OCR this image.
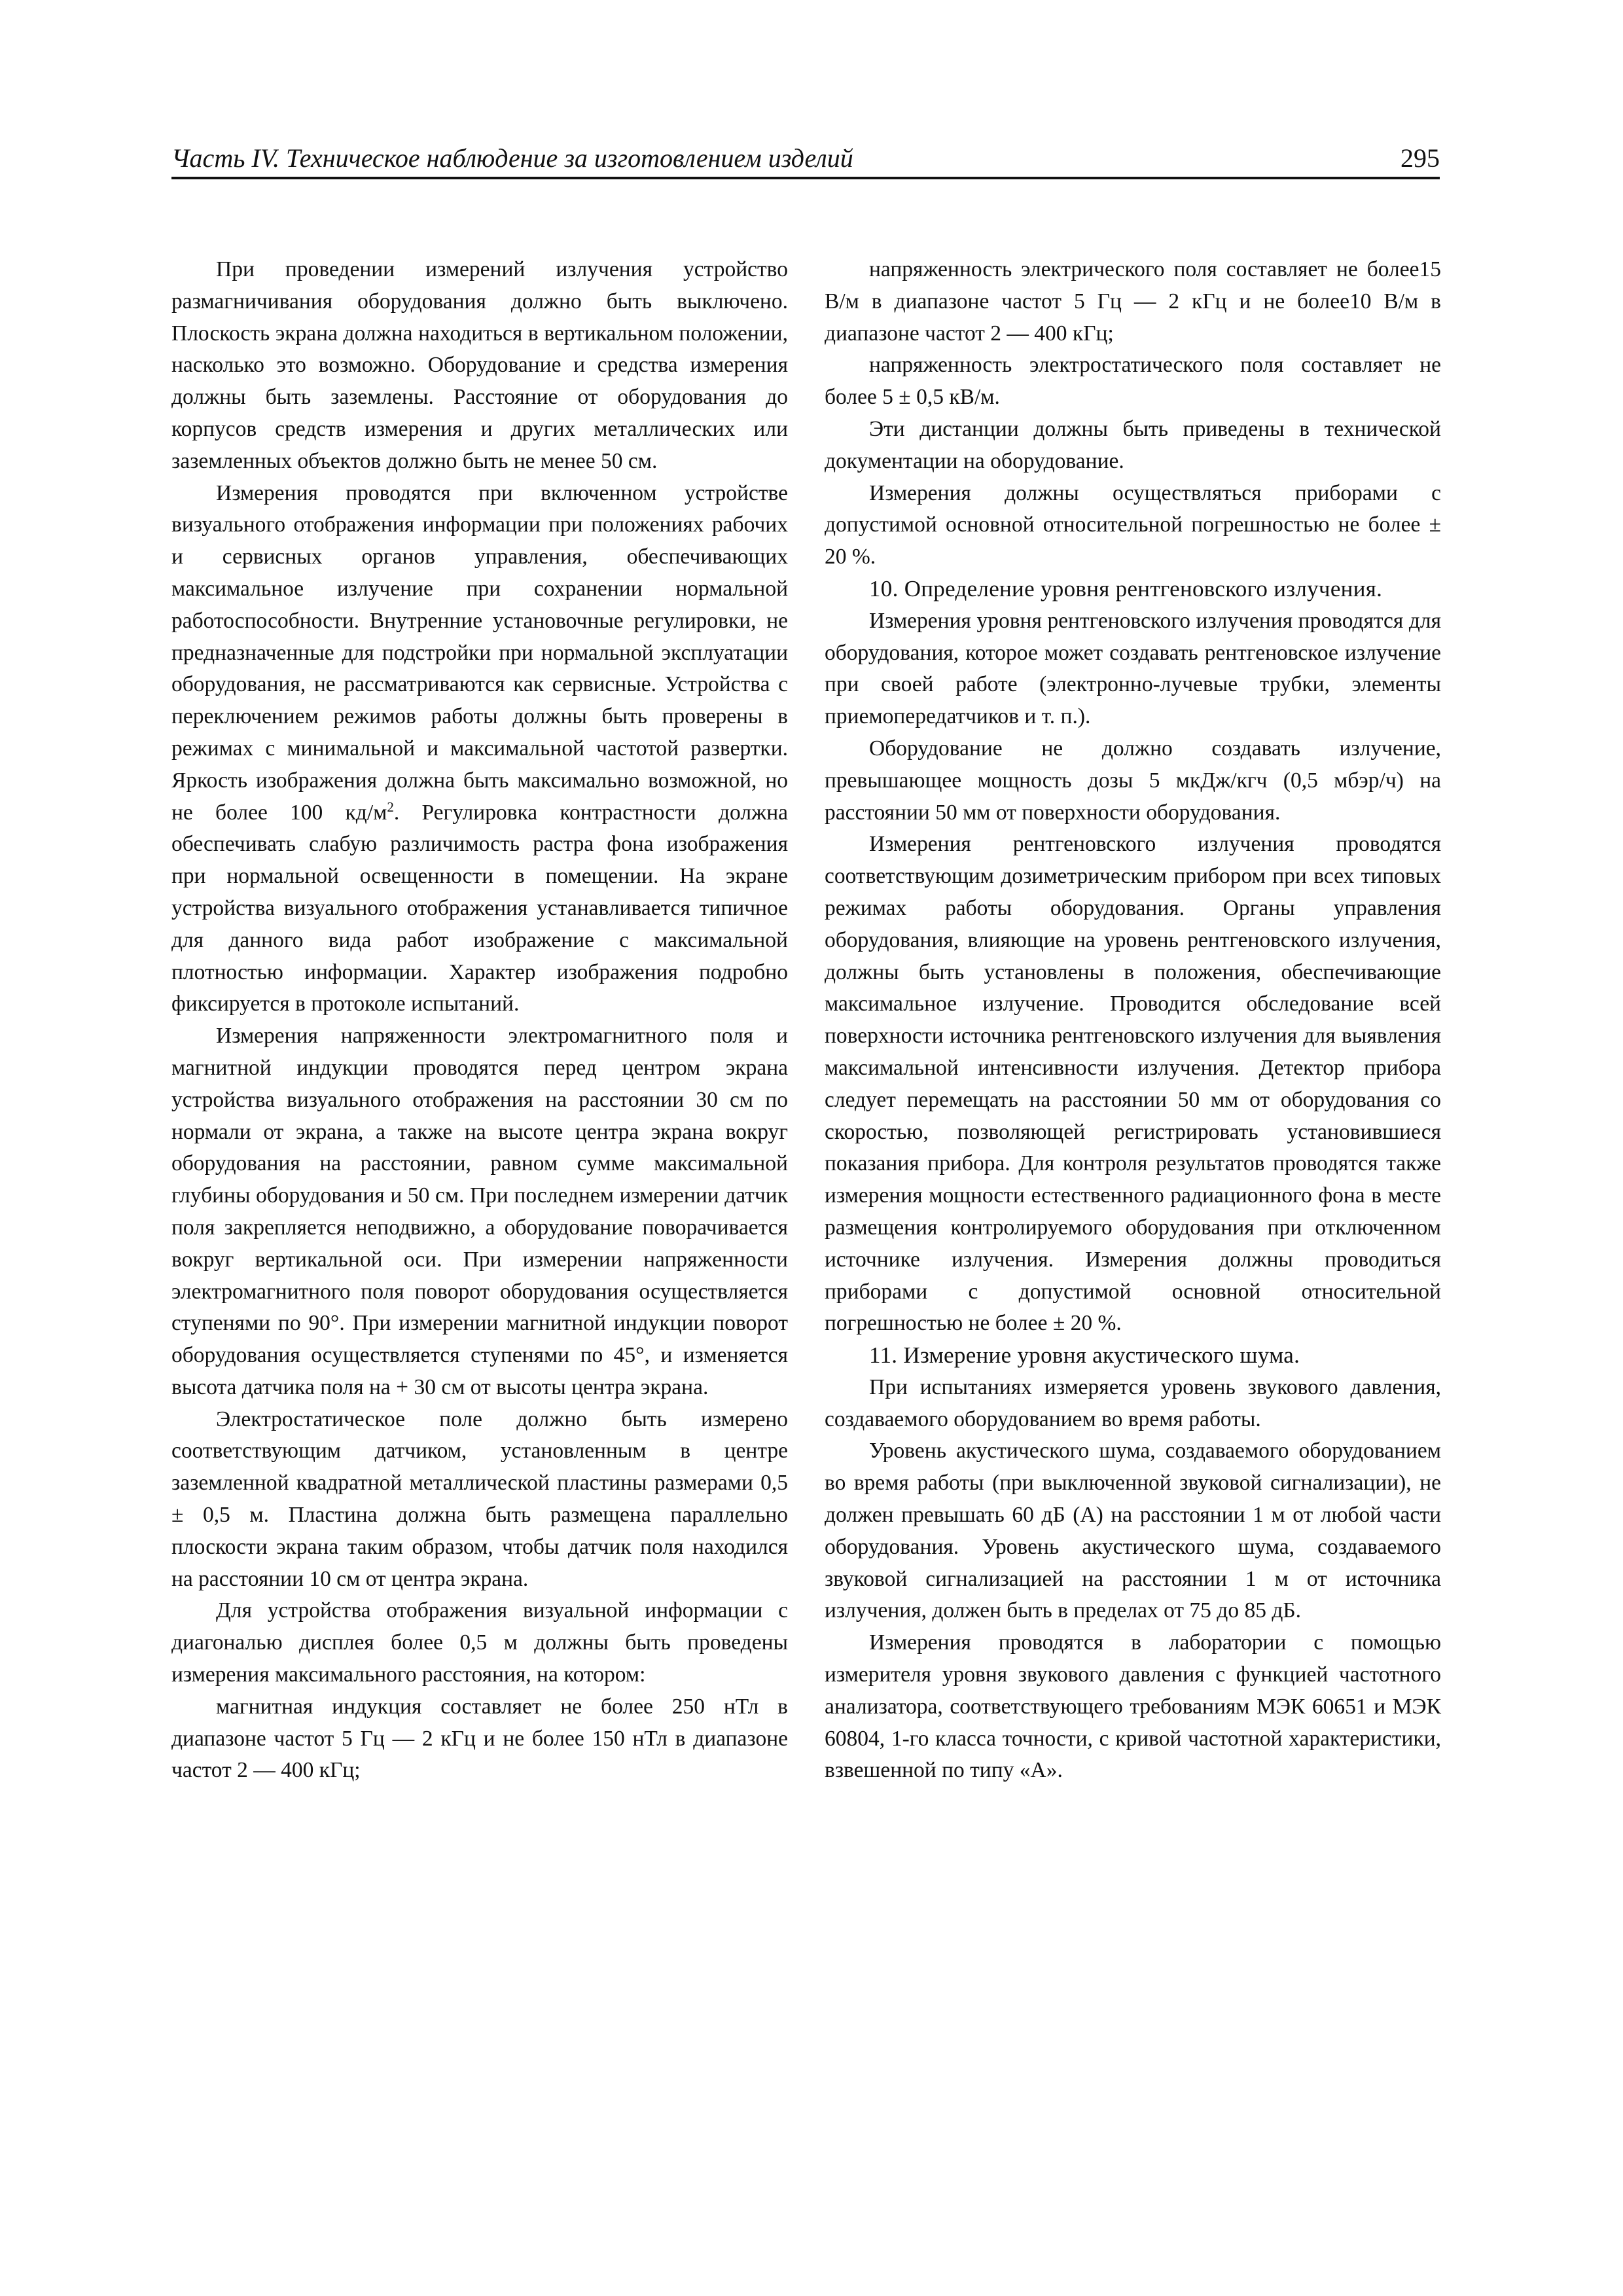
Часть IV. Техническое наблюдение за изготовлением изделий	295

При проведении измерений излучения устройство размагничивания оборудования должно быть выключено. Плоскость экрана должна находиться в вертикальном положении, насколько это возможно. Оборудование и средства измерения должны быть заземлены. Расстояние от оборудования до корпусов средств измерения и других металлических или заземленных объектов должно быть не менее 50 см.

Измерения проводятся при включенном устройстве визуального отображения информации при положениях рабочих и сервисных органов управления, обеспечивающих максимальное излучение при сохранении нормальной работоспособности. Внутренние установочные регулировки, не предназначенные для подстройки при нормальной эксплуатации оборудования, не рассматриваются как сервисные. Устройства с переключением режимов работы должны быть проверены в режимах с минимальной и максимальной частотой развертки. Яркость изображения должна быть максимально возможной, но не более 100 $кд/м^2$. Регулировка контрастности должна обеспечивать слабую различимость растра фона изображения при нормальной освещенности в помещении. На экране устройства визуального отображения устанавливается типичное для данного вида работ изображение с максимальной плотностью информации. Характер изображения подробно фиксируется в протоколе испытаний.

Измерения напряженности электромагнитного поля и магнитной индукции проводятся перед центром экрана устройства визуального отображения на расстоянии 30 см по нормали от экрана, а также на высоте центра экрана вокруг оборудования на расстоянии, равном сумме максимальной глубины оборудования и 50 см. При последнем измерении датчик поля закрепляется неподвижно, а оборудование поворачивается вокруг вертикальной оси. При измерении напряженности электромагнитного поля поворот оборудования осуществляется ступенями по 90°. При измерении магнитной индукции поворот оборудования осуществляется ступенями по 45°, и изменяется высота датчика поля на + 30 см от высоты центра экрана.

Электростатическое поле должно быть измерено соответствующим датчиком, установленным в центре заземленной квадратной металлической пластины размерами 0,5 ± 0,5 м. Пластина должна быть размещена параллельно плоскости экрана таким образом, чтобы датчик поля находился на расстоянии 10 см от центра экрана.

Для устройства отображения визуальной информации с диагональю дисплея более 0,5 м должны быть проведены измерения максимального расстояния, на котором:

магнитная индукция составляет не более 250 нТл в диапазоне частот 5 Гц — 2 кГц и не более 150 нТл в диапазоне частот 2 — 400 кГц;

напряженность электрического поля составляет не более15 В/м в диапазоне частот 5 Гц — 2 кГц и не более10 В/м в диапазоне частот 2 — 400 кГц;

напряженность электростатического поля составляет не более 5 ± 0,5 кВ/м.

Эти дистанции должны быть приведены в технической документации на оборудование.

Измерения должны осуществляться приборами с допустимой основной относительной погрешностью не более ± 20 %.

10. Определение уровня рентгеновского излучения.

Измерения уровня рентгеновского излучения проводятся для оборудования, которое может создавать рентгеновское излучение при своей работе (электронно-лучевые трубки, элементы приемопередатчиков и т. п.).

Оборудование не должно создавать излучение, превышающее мощность дозы 5 мкДж/кгч (0,5 мбэр/ч) на расстоянии 50 мм от поверхности оборудования.

Измерения рентгеновского излучения проводятся соответствующим дозиметрическим прибором при всех типовых режимах работы оборудования. Органы управления оборудования, влияющие на уровень рентгеновского излучения, должны быть установлены в положения, обеспечивающие максимальное излучение. Проводится обследование всей поверхности источника рентгеновского излучения для выявления максимальной интенсивности излучения. Детектор прибора следует перемещать на расстоянии 50 мм от оборудования со скоростью, позволяющей регистрировать установившиеся показания прибора. Для контроля результатов проводятся также измерения мощности естественного радиационного фона в месте размещения контролируемого оборудования при отключенном источнике излучения. Измерения должны проводиться приборами с допустимой основной относительной погрешностью не более ± 20 %.

11. Измерение уровня акустического шума.

При испытаниях измеряется уровень звукового давления, создаваемого оборудованием во время работы.

Уровень акустического шума, создаваемого оборудованием во время работы (при выключенной звуковой сигнализации), не должен превышать 60 дБ (А) на расстоянии 1 м от любой части оборудования. Уровень акустического шума, создаваемого звуковой сигнализацией на расстоянии 1 м от источника излучения, должен быть в пределах от 75 до 85 дБ.

Измерения проводятся в лаборатории с помощью измерителя уровня звукового давления с функцией частотного анализатора, соответствующего требованиям МЭК 60651 и МЭК 60804, 1-го класса точности, с кривой частотной характеристики, взвешенной по типу «А».
